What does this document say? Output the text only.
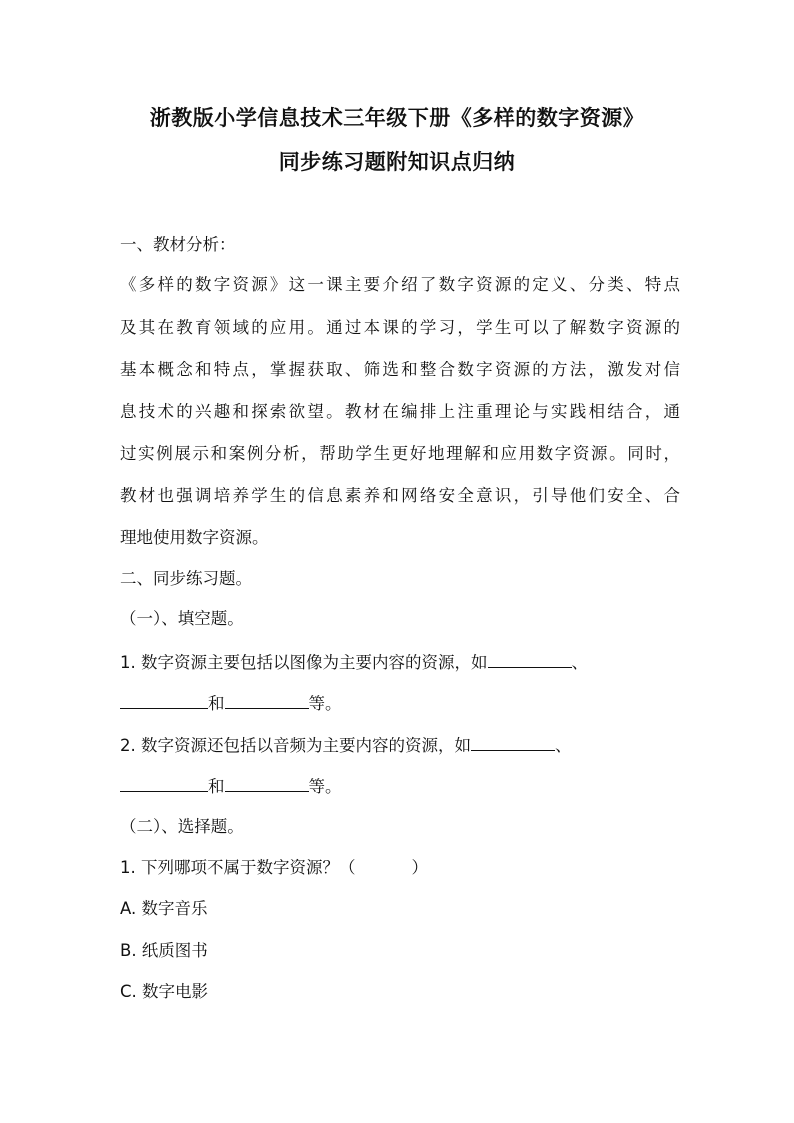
浙教版小学信息技术三年级下册《多样的数字资源》
同步练习题附知识点归纳
一、教材分析：
《多样的数字资源》这一课主要介绍了数字资源的定义、分类、特点
及其在教育领域的应用。通过本课的学习，学生可以了解数字资源的
基本概念和特点，掌握获取、筛选和整合数字资源的方法，激发对信
息技术的兴趣和探索欲望。教材在编排上注重理论与实践相结合，通
过实例展示和案例分析，帮助学生更好地理解和应用数字资源。同时，
教材也强调培养学生的信息素养和网络安全意识，引导他们安全、合
理地使用数字资源。
二、同步练习题。
（一）、填空题。
1. 数字资源主要包括以图像为主要内容的资源，如	、
和	等。
2. 数字资源还包括以音频为主要内容的资源，如	、
和	等。
（二）、选择题。
1. 下列哪项不属于数字资源？（	）
A. 数字音乐
B. 纸质图书
C. 数字电影
